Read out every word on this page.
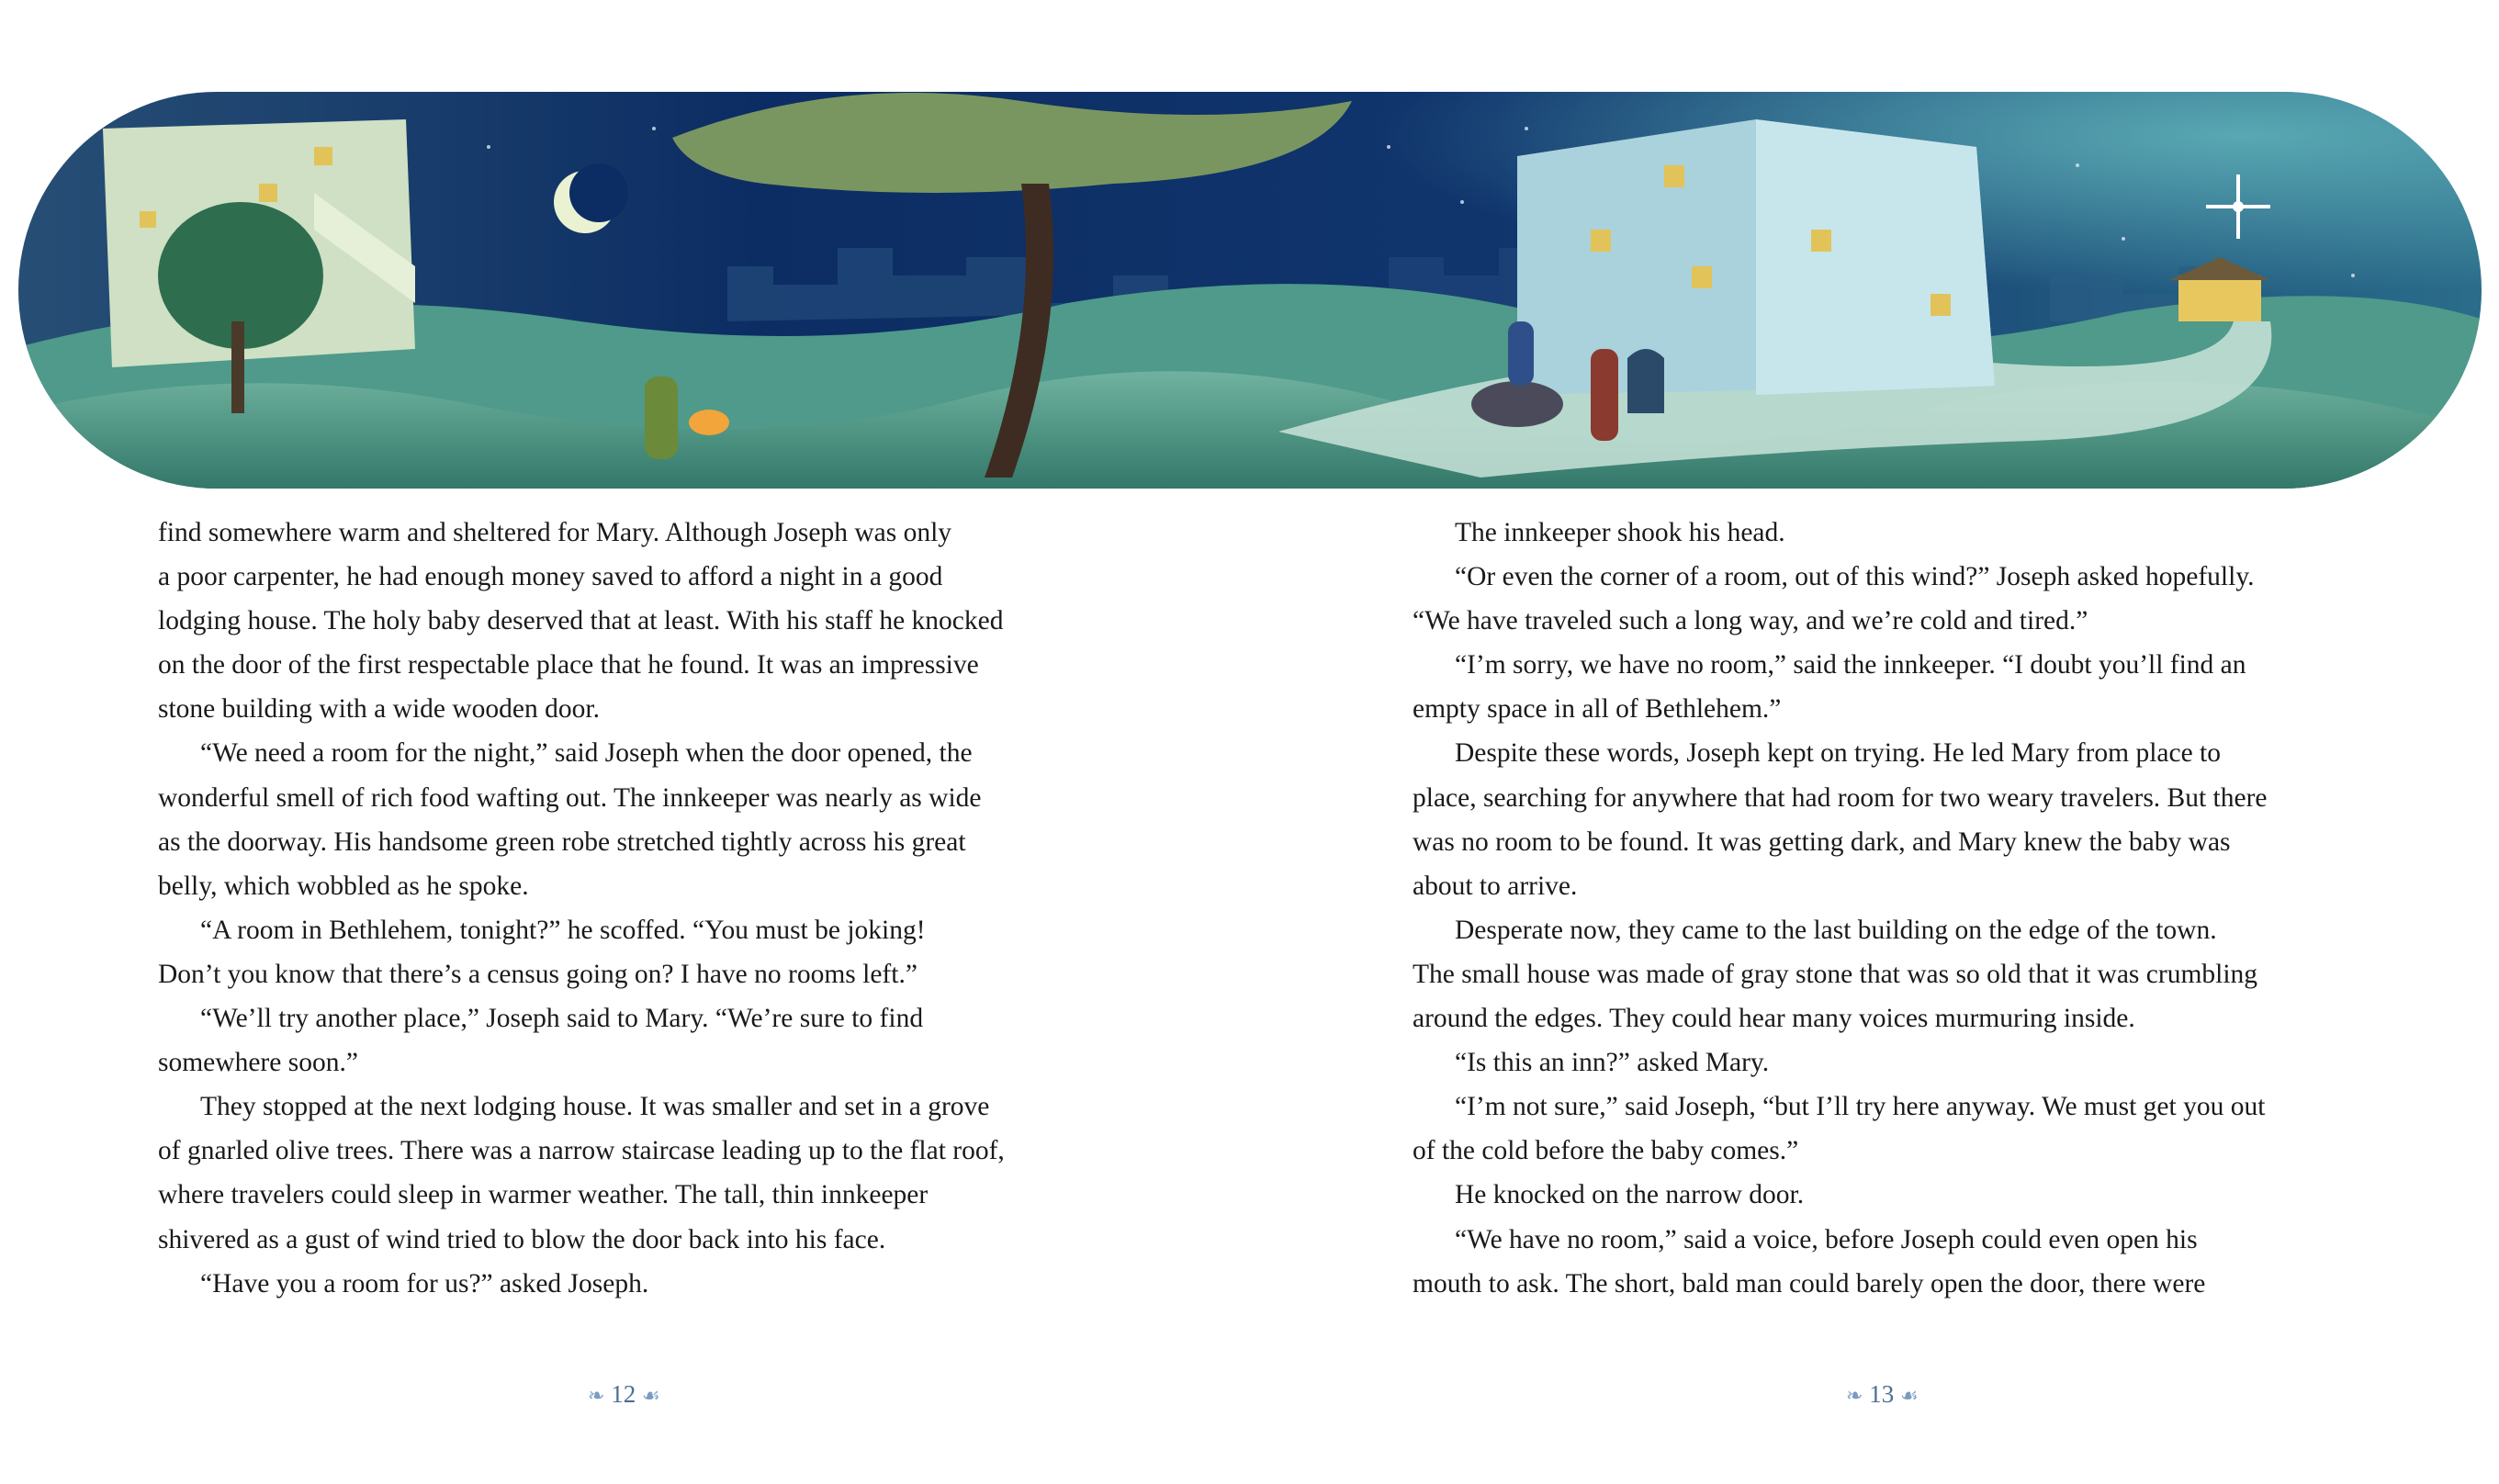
find somewhere warm and sheltered for Mary. Although Joseph was only
a poor carpenter, he had enough money saved to afford a night in a good
lodging house. The holy baby deserved that at least. With his staff he knocked
on the door of the first respectable place that he found. It was an impressive
stone building with a wide wooden door.
“We need a room for the night,” said Joseph when the door opened, the
wonderful smell of rich food wafting out. The innkeeper was nearly as wide
as the doorway. His handsome green robe stretched tightly across his great
belly, which wobbled as he spoke.
“A room in Bethlehem, tonight?” he scoffed. “You must be joking!
Don’t you know that there’s a census going on? I have no rooms left.”
“We’ll try another place,” Joseph said to Mary. “We’re sure to find
somewhere soon.”
They stopped at the next lodging house. It was smaller and set in a grove
of gnarled olive trees. There was a narrow staircase leading up to the flat roof,
where travelers could sleep in warmer weather. The tall, thin innkeeper
shivered as a gust of wind tried to blow the door back into his face.
“Have you a room for us?” asked Joseph.
The innkeeper shook his head.
“Or even the corner of a room, out of this wind?” Joseph asked hopefully.
“We have traveled such a long way, and we’re cold and tired.”
“I’m sorry, we have no room,” said the innkeeper. “I doubt you’ll find an
empty space in all of Bethlehem.”
Despite these words, Joseph kept on trying. He led Mary from place to
place, searching for anywhere that had room for two weary travelers. But there
was no room to be found. It was getting dark, and Mary knew the baby was
about to arrive.
Desperate now, they came to the last building on the edge of the town.
The small house was made of gray stone that was so old that it was crumbling
around the edges. They could hear many voices murmuring inside.
“Is this an inn?” asked Mary.
“I’m not sure,” said Joseph, “but I’ll try here anyway. We must get you out
of the cold before the baby comes.”
He knocked on the narrow door.
“We have no room,” said a voice, before Joseph could even open his
mouth to ask. The short, bald man could barely open the door, there were
❧ 12 ☙	❧ 13 ☙
